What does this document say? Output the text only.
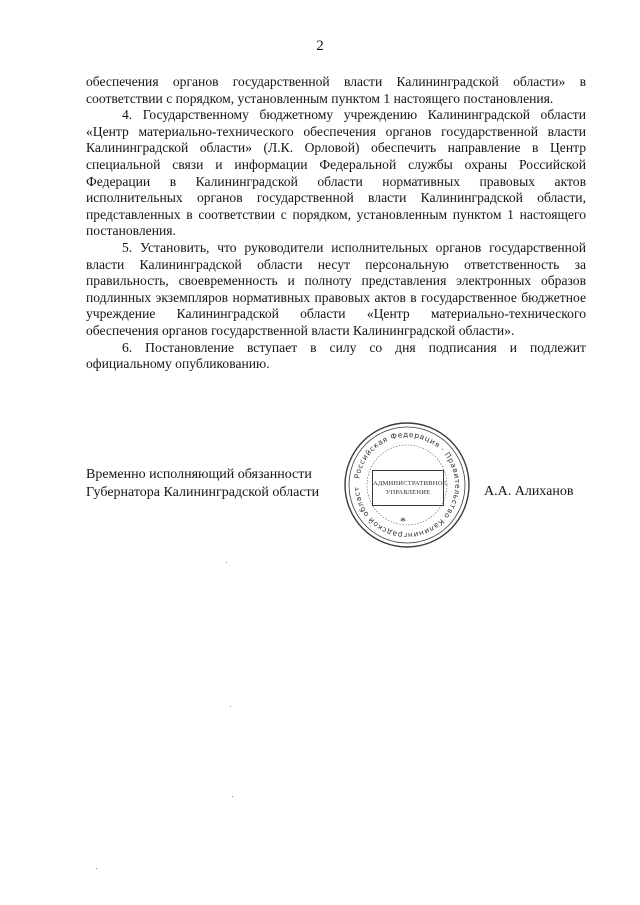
2

обеспечения органов государственной власти Калининградской области» в соответствии с порядком, установленным пунктом 1 настоящего постановления.

4. Государственному бюджетному учреждению Калининградской области «Центр материально-технического обеспечения органов государственной власти Калининградской области» (Л.К. Орловой) обеспечить направление в Центр специальной связи и информации Федеральной службы охраны Российской Федерации в Калининградской области нормативных правовых актов исполнительных органов государственной власти Калининградской области, представленных в соответствии с порядком, установленным пунктом 1 настоящего постановления.

5. Установить, что руководители исполнительных органов государственной власти Калининградской области несут персональную ответственность за правильность, своевременность и полноту представления электронных образов подлинных экземпляров нормативных правовых актов в государственное бюджетное учреждение Калининградской области «Центр материально-технического обеспечения органов государственной власти Калининградской области».

6. Постановление вступает в силу со дня подписания и подлежит официальному опубликованию.

Временно исполняющий обязанности
Губернатора Калининградской области
Российская Федерация · Правительство Калининградской област
АДМИНИСТРАТИВНОЕ
УПРАВЛЕНИЕ
*
А.А. Алиханов
